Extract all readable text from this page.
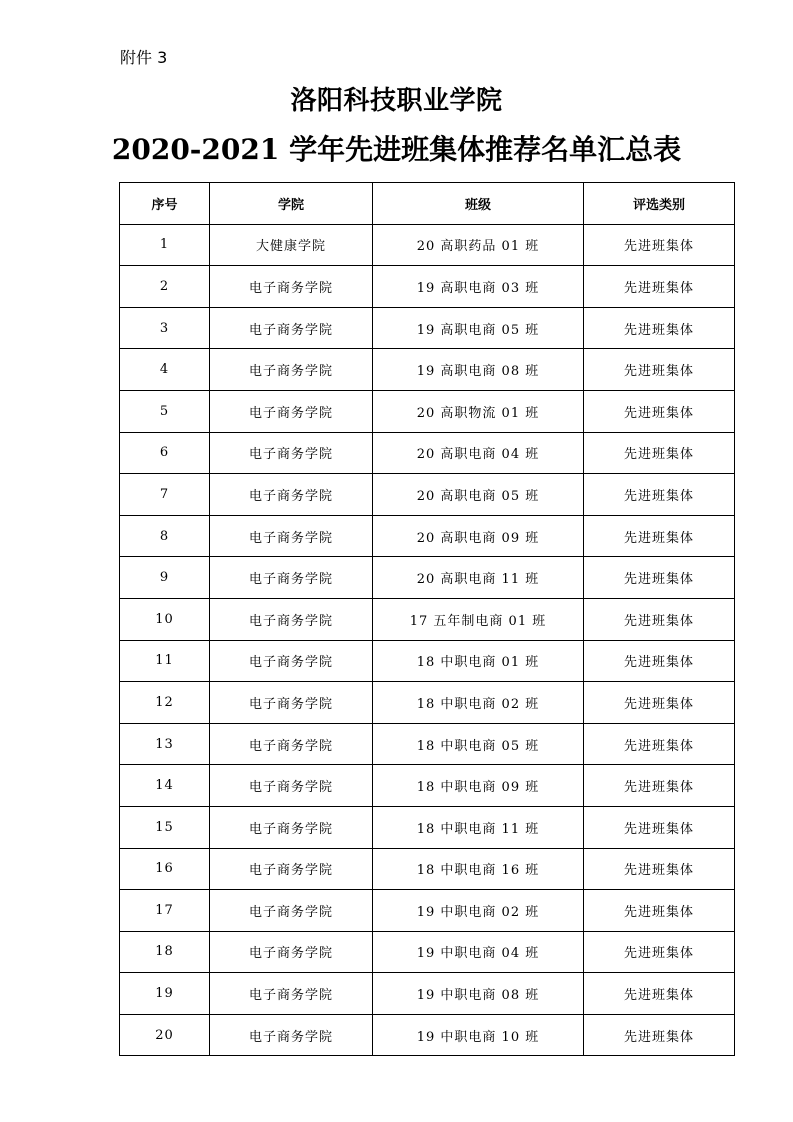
附件 3
洛阳科技职业学院
2020-2021 学年先进班集体推荐名单汇总表
序号	学院	班级	评选类别
1	大健康学院	20 高职药品 01 班	先进班集体
2	电子商务学院	19 高职电商 03 班	先进班集体
3	电子商务学院	19 高职电商 05 班	先进班集体
4	电子商务学院	19 高职电商 08 班	先进班集体
5	电子商务学院	20 高职物流 01 班	先进班集体
6	电子商务学院	20 高职电商 04 班	先进班集体
7	电子商务学院	20 高职电商 05 班	先进班集体
8	电子商务学院	20 高职电商 09 班	先进班集体
9	电子商务学院	20 高职电商 11 班	先进班集体
10	电子商务学院	17 五年制电商 01 班	先进班集体
11	电子商务学院	18 中职电商 01 班	先进班集体
12	电子商务学院	18 中职电商 02 班	先进班集体
13	电子商务学院	18 中职电商 05 班	先进班集体
14	电子商务学院	18 中职电商 09 班	先进班集体
15	电子商务学院	18 中职电商 11 班	先进班集体
16	电子商务学院	18 中职电商 16 班	先进班集体
17	电子商务学院	19 中职电商 02 班	先进班集体
18	电子商务学院	19 中职电商 04 班	先进班集体
19	电子商务学院	19 中职电商 08 班	先进班集体
20	电子商务学院	19 中职电商 10 班	先进班集体
